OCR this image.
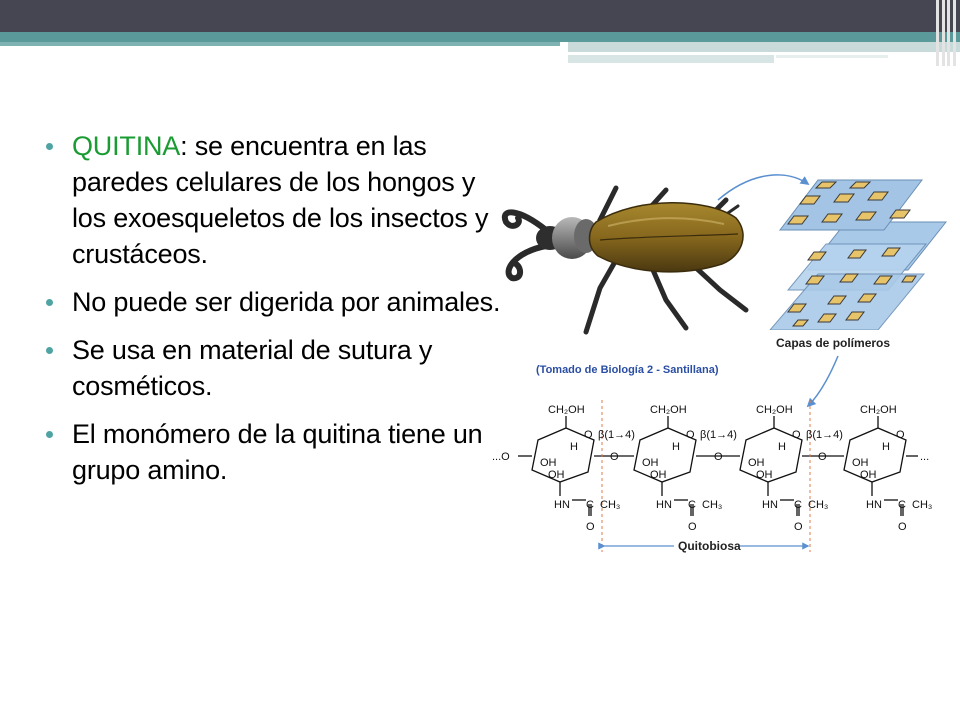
QUITINA: se encuentra en las paredes celulares de los hongos y los exoesqueletos de los insectos y crustáceos.
No puede ser digerida por animales.
Se usa en material de sutura y cosméticos.
El monómero de la quitina tiene un grupo amino.
Capas de polímeros
(Tomado de Biología 2 - Santillana)
...O	...
O	O	O
CH₂OH
O β(1→4)
H
OH
OH
HN C CH₃
O
CH₂OH
O β(1→4)
H
OH
OH
HN C CH₃
O
CH₂OH
O β(1→4)
H
OH
OH
HN C CH₃
O
CH₂OH
O
H
OH
OH
HN C CH₃
O
Quitobiosa
